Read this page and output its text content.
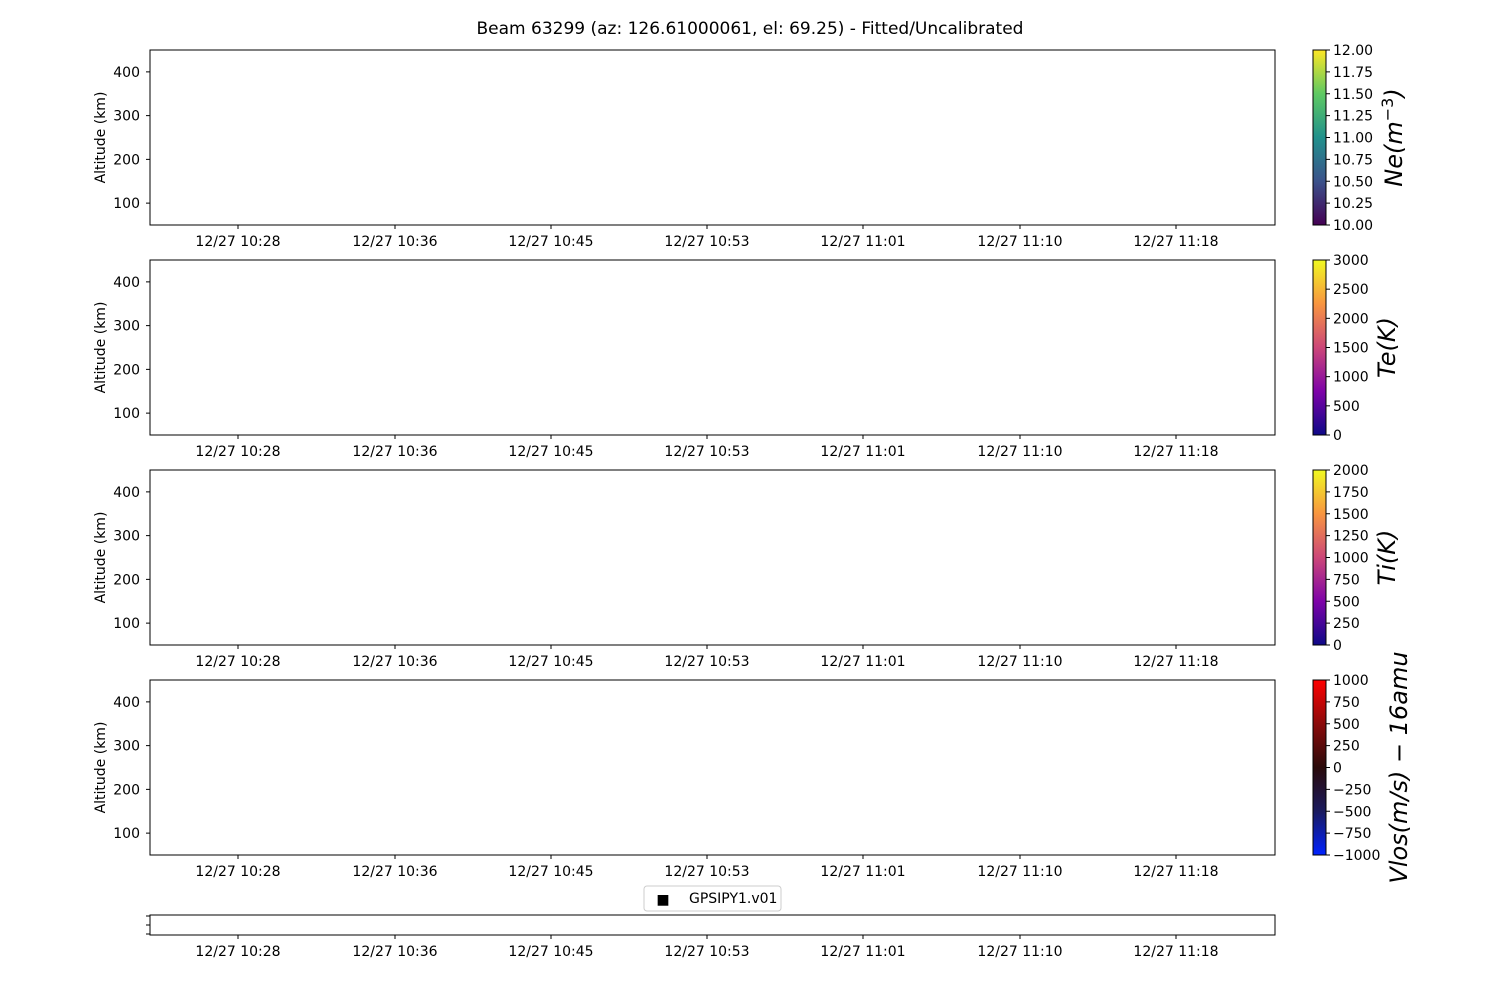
Beam 63299 (az: 126.61000061, el: 69.25) - Fitted/Uncalibrated
100
200
300
400
Altitude (km)
12/27 10:28	12/27 10:36	12/27 10:45	12/27 10:53	12/27 11:01	12/27 11:10	12/27 11:18
10.00
10.25
10.50
10.75
11.00
11.25
11.50
11.75
12.00
$Ne(m^{-3})$
100
200
300
400
Altitude (km)
12/27 10:28	12/27 10:36	12/27 10:45	12/27 10:53	12/27 11:01	12/27 11:10	12/27 11:18
0
500
1000
1500
2000
2500
3000
Te(K)
100
200
300
400
Altitude (km)
12/27 10:28	12/27 10:36	12/27 10:45	12/27 10:53	12/27 11:01	12/27 11:10	12/27 11:18
0
250
500
750
1000
1250
1500
1750
2000
Ti(K)
100
200
300
400
Altitude (km)
12/27 10:28	12/27 10:36	12/27 10:45	12/27 10:53	12/27 11:01	12/27 11:10	12/27 11:18
−1000
−750
−500
−250
0
250
500
750
1000 Vlos(m/s) − 16amu
12/27 10:28	12/27 10:36	12/27 10:45	12/27 10:53	12/27 11:01	12/27 11:10	12/27 11:18
■ GPSIPY1.v01
